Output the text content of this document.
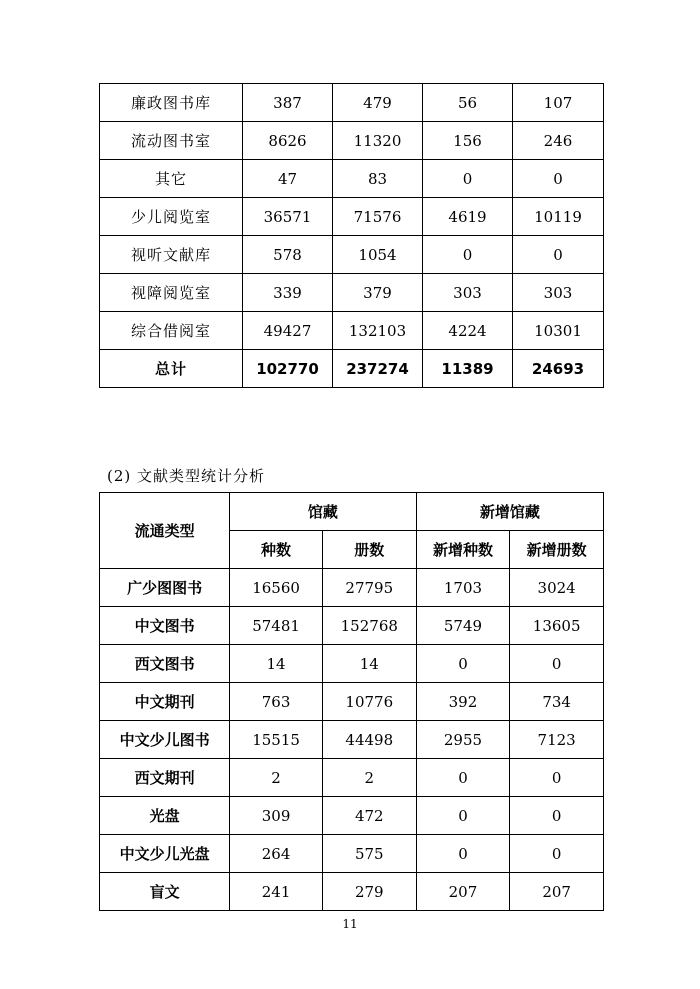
廉政图书库	387	479	56	107
流动图书室	8626	11320	156	246
其它	47	83	0	0
少儿阅览室	36571	71576	4619	10119
视听文献库	578	1054	0	0
视障阅览室	339	379	303	303
综合借阅室	49427	132103	4224	10301
总计	102770	237274	11389	24693
(2) 文献类型统计分析
流通类型	馆藏		新增馆藏	
	种数	册数	新增种数	新增册数
广少图图书	16560	27795	1703	3024
中文图书	57481	152768	5749	13605
西文图书	14	14	0	0
中文期刊	763	10776	392	734
中文少儿图书	15515	44498	2955	7123
西文期刊	2	2	0	0
光盘	309	472	0	0
中文少儿光盘	264	575	0	0
盲文	241	279	207	207
11
